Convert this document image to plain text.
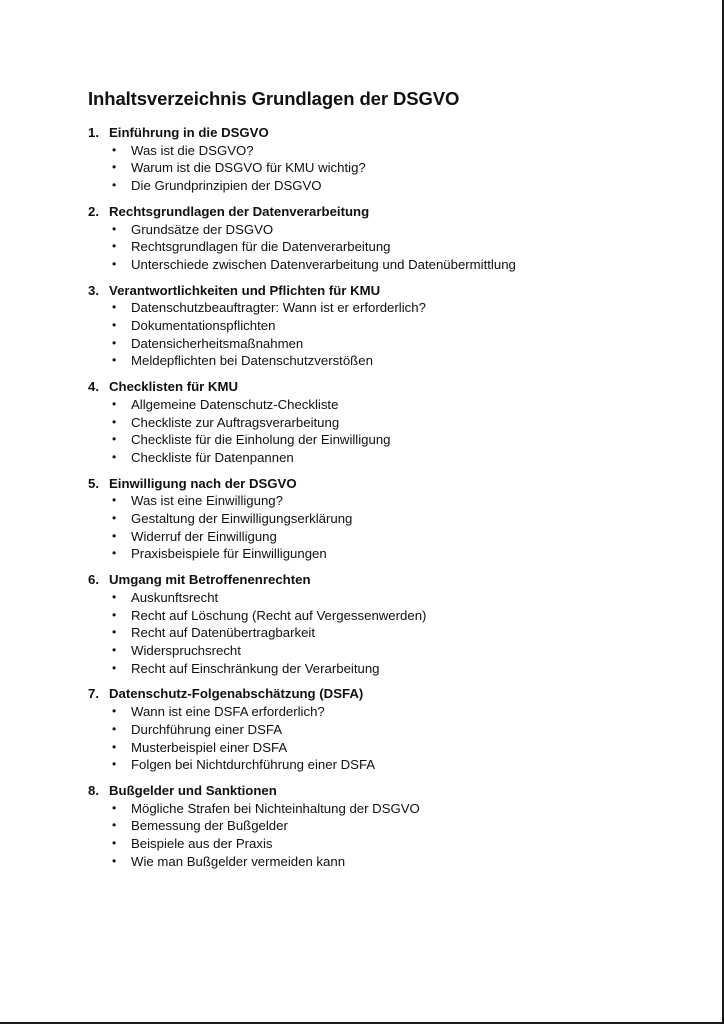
Inhaltsverzeichnis Grundlagen der DSGVO
1. Einführung in die DSGVO
•	Was ist die DSGVO?
•	Warum ist die DSGVO für KMU wichtig?
•	Die Grundprinzipien der DSGVO
2. Rechtsgrundlagen der Datenverarbeitung
•	Grundsätze der DSGVO
•	Rechtsgrundlagen für die Datenverarbeitung
•	Unterschiede zwischen Datenverarbeitung und Datenübermittlung
3. Verantwortlichkeiten und Pflichten für KMU
•	Datenschutzbeauftragter: Wann ist er erforderlich?
•	Dokumentationspflichten
•	Datensicherheitsmaßnahmen
•	Meldepflichten bei Datenschutzverstößen
4. Checklisten für KMU
•	Allgemeine Datenschutz-Checkliste
•	Checkliste zur Auftragsverarbeitung
•	Checkliste für die Einholung der Einwilligung
•	Checkliste für Datenpannen
5. Einwilligung nach der DSGVO
•	Was ist eine Einwilligung?
•	Gestaltung der Einwilligungserklärung
•	Widerruf der Einwilligung
•	Praxisbeispiele für Einwilligungen
6. Umgang mit Betroffenenrechten
•	Auskunftsrecht
•	Recht auf Löschung (Recht auf Vergessenwerden)
•	Recht auf Datenübertragbarkeit
•	Widerspruchsrecht
•	Recht auf Einschränkung der Verarbeitung
7. Datenschutz-Folgenabschätzung (DSFA)
•	Wann ist eine DSFA erforderlich?
•	Durchführung einer DSFA
•	Musterbeispiel einer DSFA
•	Folgen bei Nichtdurchführung einer DSFA
8. Bußgelder und Sanktionen
•	Mögliche Strafen bei Nichteinhaltung der DSGVO
•	Bemessung der Bußgelder
•	Beispiele aus der Praxis
•	Wie man Bußgelder vermeiden kann
